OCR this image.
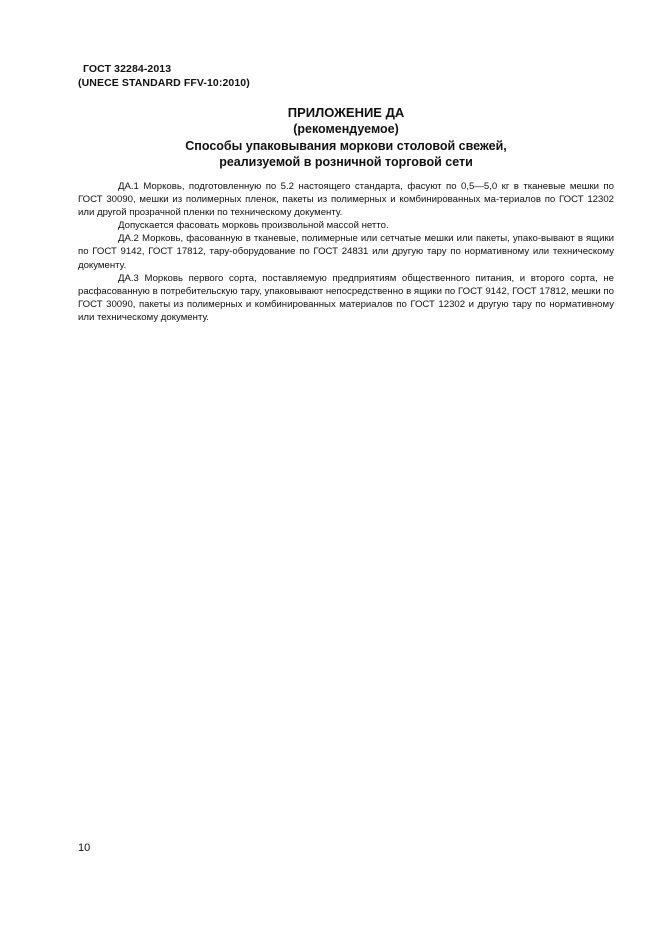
ГОСТ 32284-2013
(UNECE STANDARD FFV-10:2010)
ПРИЛОЖЕНИЕ ДА
(рекомендуемое)
Способы упаковывания моркови столовой свежей,
реализуемой в розничной торговой сети

ДА.1 Морковь, подготовленную по 5.2 настоящего стандарта, фасуют по 0,5—5,0 кг в тканевые мешки по ГОСТ 30090, мешки из полимерных пленок, пакеты из полимерных и комбинированных ма-териалов по ГОСТ 12302 или другой прозрачной пленки по техническому документу.

Допускается фасовать морковь произвольной массой нетто.

ДА.2 Морковь, фасованную в тканевые, полимерные или сетчатые мешки или пакеты, упако-вывают в ящики по ГОСТ 9142, ГОСТ 17812, тару-оборудование по ГОСТ 24831 или другую тару по нормативному или техническому документу.

ДА.3 Морковь первого сорта, поставляемую предприятиям общественного питания, и второго сорта, не расфасованную в потребительскую тару, упаковывают непосредственно в ящики по ГОСТ 9142, ГОСТ 17812, мешки по ГОСТ 30090, пакеты из полимерных и комбинированных материалов по ГОСТ 12302 и другую тару по нормативному или техническому документу.

10
